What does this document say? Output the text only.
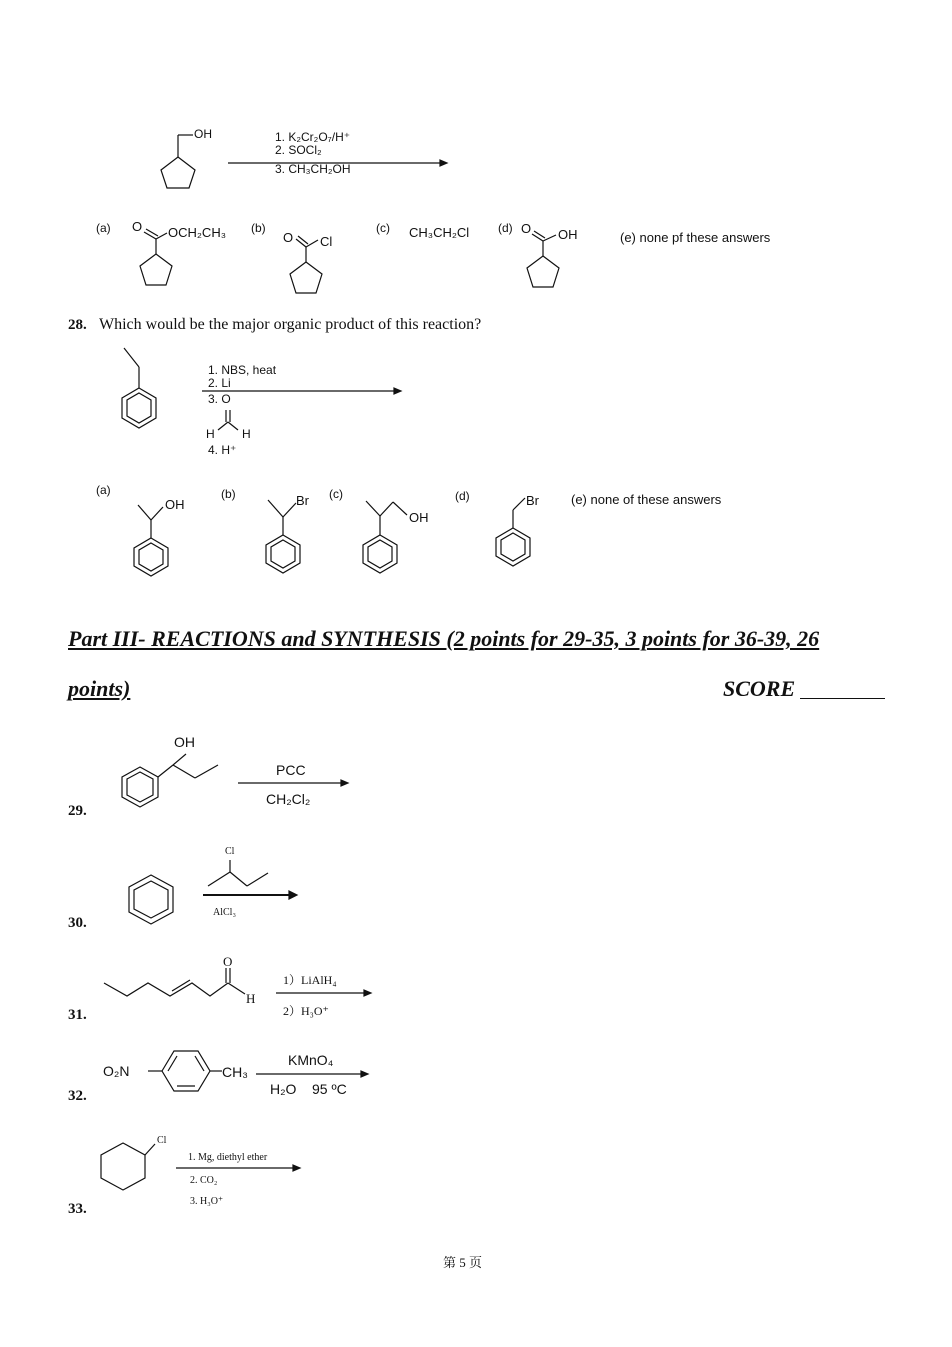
OH	1. K₂Cr₂O₇/H⁺
2. SOCl₂
3. CH₃CH₂OH
(a) O OCH₂CH₃ (b)
O Cl
(c) CH₃CH₂Cl (d) O OH	(e) none pf these answers
28. Which would be the major organic product of this reaction?
1. NBS, heat
2. Li
3. O
H H
4. H⁺
(a)
OH
(b)	Br (c)
OH
(d)	Br (e) none of these answers
Part III- REACTIONS and SYNTHESIS (2 points for 29-35, 3 points for 36-39, 26
points)	SCORE
29.
OH
PCC
CH₂Cl₂
30.
Cl
AlCl₃
31.
O
H
1）LiAlH₄
2）H₃O⁺
32.
O₂N	CH₃
KMnO₄
H₂O    95 ºC
33.
Cl
1. Mg, diethyl ether
2. CO₂
3. H₃O⁺
第 5 页
